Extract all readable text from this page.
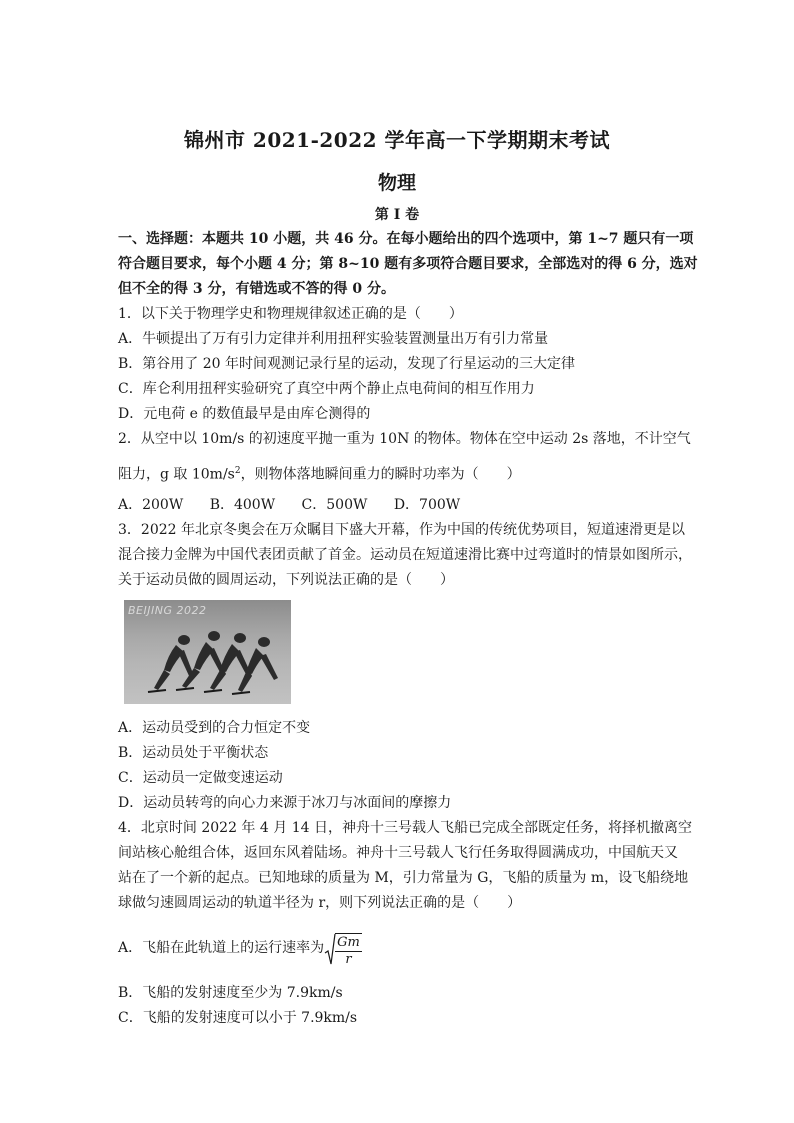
锦州市 2021-2022 学年高一下学期期末考试
物理
第 I 卷
一、选择题：本题共 10 小题，共 46 分。在每小题给出的四个选项中，第 1~7 题只有一项
符合题目要求，每个小题 4 分；第 8~10 题有多项符合题目要求，全部选对的得 6 分，选对
但不全的得 3 分，有错选或不答的得 0 分。
1．以下关于物理学史和物理规律叙述正确的是（　　）
A．牛顿提出了万有引力定律并利用扭秤实验装置测量出万有引力常量
B．第谷用了 20 年时间观测记录行星的运动，发现了行星运动的三大定律
C．库仑利用扭秤实验研究了真空中两个静止点电荷间的相互作用力
D．元电荷 e 的数值最早是由库仑测得的
2．从空中以 10m/s 的初速度平抛一重为 10N 的物体。物体在空中运动 2s 落地，不计空气
阻力，g 取 $10m/s^2$，则物体落地瞬间重力的瞬时功率为（　　）
A．200W B．400W C．500W D．700W
3．2022 年北京冬奥会在万众瞩目下盛大开幕，作为中国的传统优势项目，短道速滑更是以
混合接力金牌为中国代表团贡献了首金。运动员在短道速滑比赛中过弯道时的情景如图所示，
关于运动员做的圆周运动，下列说法正确的是（　　）
BEIJING 2022
A．运动员受到的合力恒定不变
B．运动员处于平衡状态
C．运动员一定做变速运动
D．运动员转弯的向心力来源于冰刀与冰面间的摩擦力
4．北京时间 2022 年 4 月 14 日，神舟十三号载人飞船已完成全部既定任务，将择机撤离空
间站核心舱组合体，返回东风着陆场。神舟十三号载人飞行任务取得圆满成功，中国航天又
站在了一个新的起点。已知地球的质量为 M，引力常量为 G，飞船的质量为 m，设飞船绕地
球做匀速圆周运动的轨道半径为 r，则下列说法正确的是（　　）
A．飞船在此轨道上的运行速率为 $\frac{Gm}{r}$
B．飞船的发射速度至少为 7.9km/s
C．飞船的发射速度可以小于 7.9km/s
